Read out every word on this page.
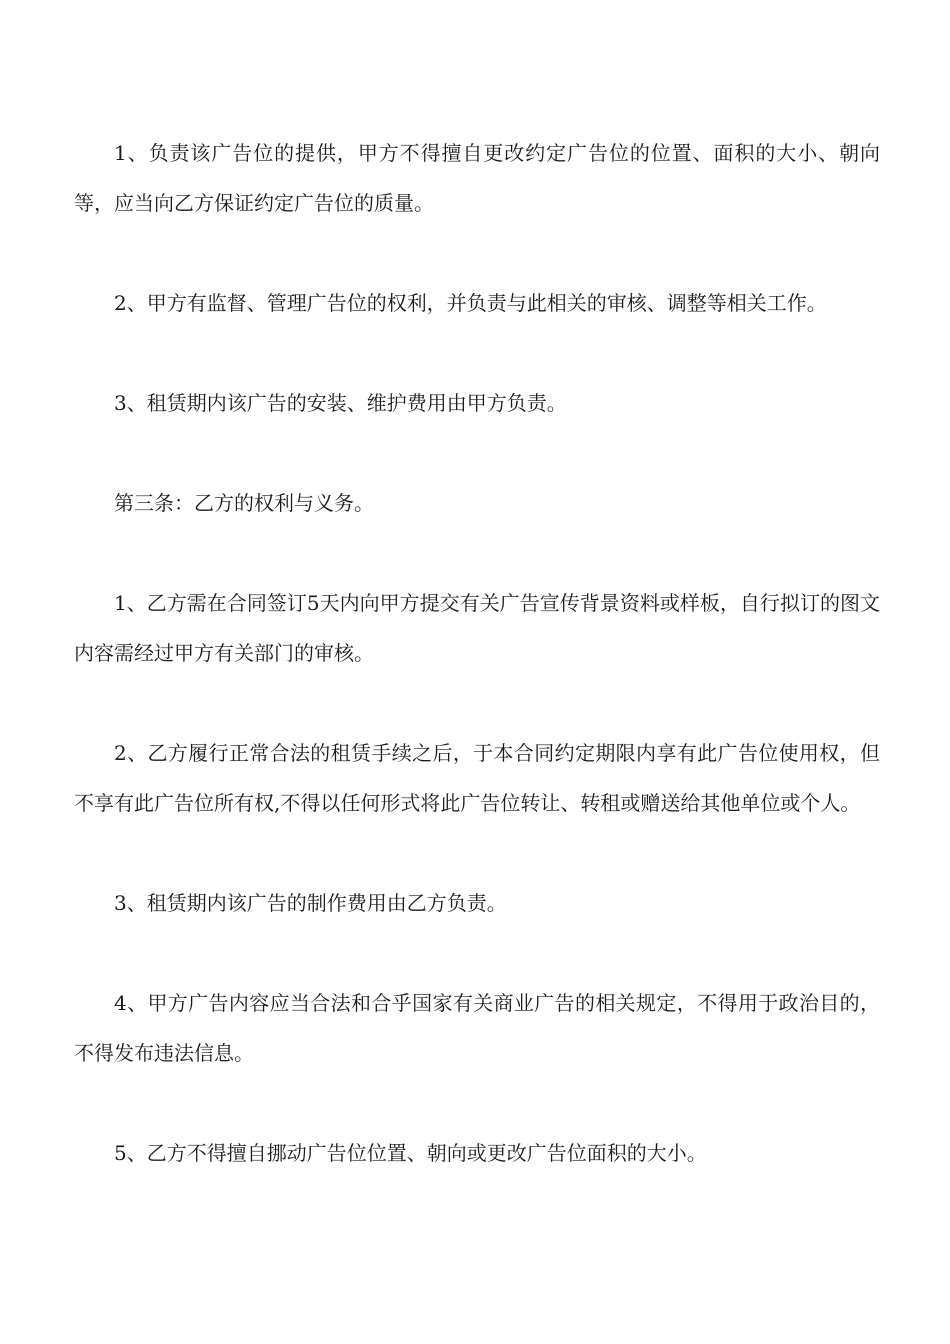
1、负责该广告位的提供，甲方不得擅自更改约定广告位的位置、面积的大小、朝向等，应当向乙方保证约定广告位的质量。

2、甲方有监督、管理广告位的权利，并负责与此相关的审核、调整等相关工作。

3、租赁期内该广告的安装、维护费用由甲方负责。

第三条：乙方的权利与义务。

1、乙方需在合同签订5天内向甲方提交有关广告宣传背景资料或样板，自行拟订的图文内容需经过甲方有关部门的审核。

2、乙方履行正常合法的租赁手续之后，于本合同约定期限内享有此广告位使用权，但不享有此广告位所有权,不得以任何形式将此广告位转让、转租或赠送给其他单位或个人。

3、租赁期内该广告的制作费用由乙方负责。

4、甲方广告内容应当合法和合乎国家有关商业广告的相关规定，不得用于政治目的，不得发布违法信息。

5、乙方不得擅自挪动广告位位置、朝向或更改广告位面积的大小。
